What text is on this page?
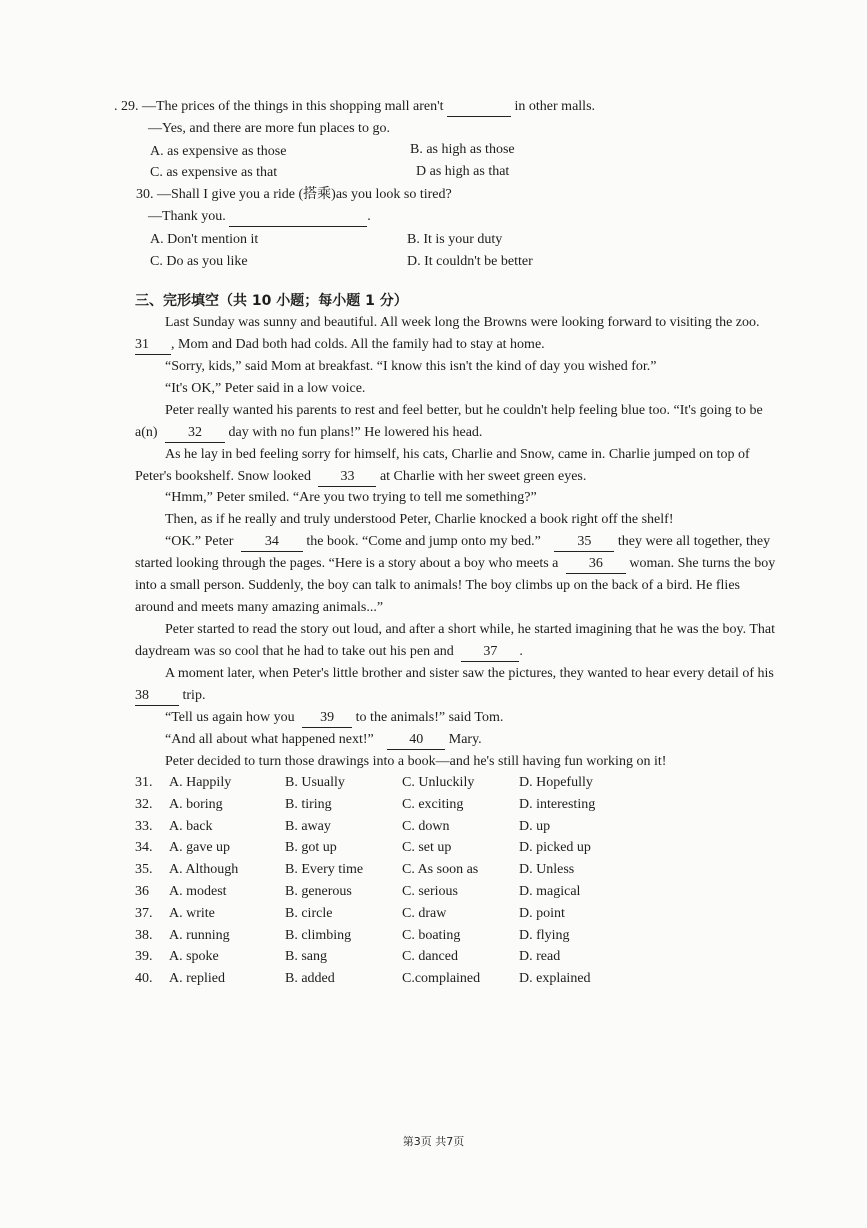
. 29. —The prices of the things in this shopping mall aren't	in other malls.
—Yes, and there are more fun places to go.
A. as expensive as those	B. as high as those
C. as expensive as that	D as high as that
30. —Shall I give you a ride (搭乘)as you look so tired?
—Thank you.	.
A. Don't mention it	B. It is your duty
C. Do as you like	D. It couldn't be better
三、完形填空（共 10 小题；每小题 1 分）
Last Sunday was sunny and beautiful. All week long the Browns were looking forward to visiting the zoo.
31 , Mom and Dad both had colds. All the family had to stay at home.
“Sorry, kids,” said Mom at breakfast. “I know this isn't the kind of day you wished for.”
“It's OK,” Peter said in a low voice.
Peter really wanted his parents to rest and feel better, but he couldn't help feeling blue too. “It's going to be
a(n) 32 day with no fun plans!” He lowered his head.
As he lay in bed feeling sorry for himself, his cats, Charlie and Snow, came in. Charlie jumped on top of
Peter's bookshelf. Snow looked 33 at Charlie with her sweet green eyes.
“Hmm,” Peter smiled. “Are you two trying to tell me something?”
Then, as if he really and truly understood Peter, Charlie knocked a book right off the shelf!
“OK.” Peter 34 the book. “Come and jump onto my bed.”	35 they were all together, they
started looking through the pages. “Here is a story about a boy who meets a 36 woman. She turns the boy
into a small person. Suddenly, the boy can talk to animals! The boy climbs up on the back of a bird. He flies
around and meets many amazing animals...”
Peter started to read the story out loud, and after a short while, he started imagining that he was the boy. That
daydream was so cool that he had to take out his pen and 37 .
A moment later, when Peter's little brother and sister saw the pictures, they wanted to hear every detail of his
38 trip.
“Tell us again how you 39 to the animals!” said Tom.
“And all about what happened next!”	40 Mary.
Peter decided to turn those drawings into a book—and he's still having fun working on it!
31. A. Happily	B. Usually	C. Unluckily	D. Hopefully
32. A. boring	B. tiring	C. exciting	D. interesting
33. A. back	B. away	C. down	D. up
34. A. gave up	B. got up	C. set up	D. picked up
35. A. Although	B. Every time	C. As soon as	D. Unless
36 A. modest	B. generous	C. serious	D. magical
37. A. write	B. circle	C. draw	D. point
38. A. running	B. climbing	C. boating	D. flying
39. A. spoke	B. sang	C. danced	D. read
40. A. replied	B. added	C.complained	D. explained
第3页 共7页
